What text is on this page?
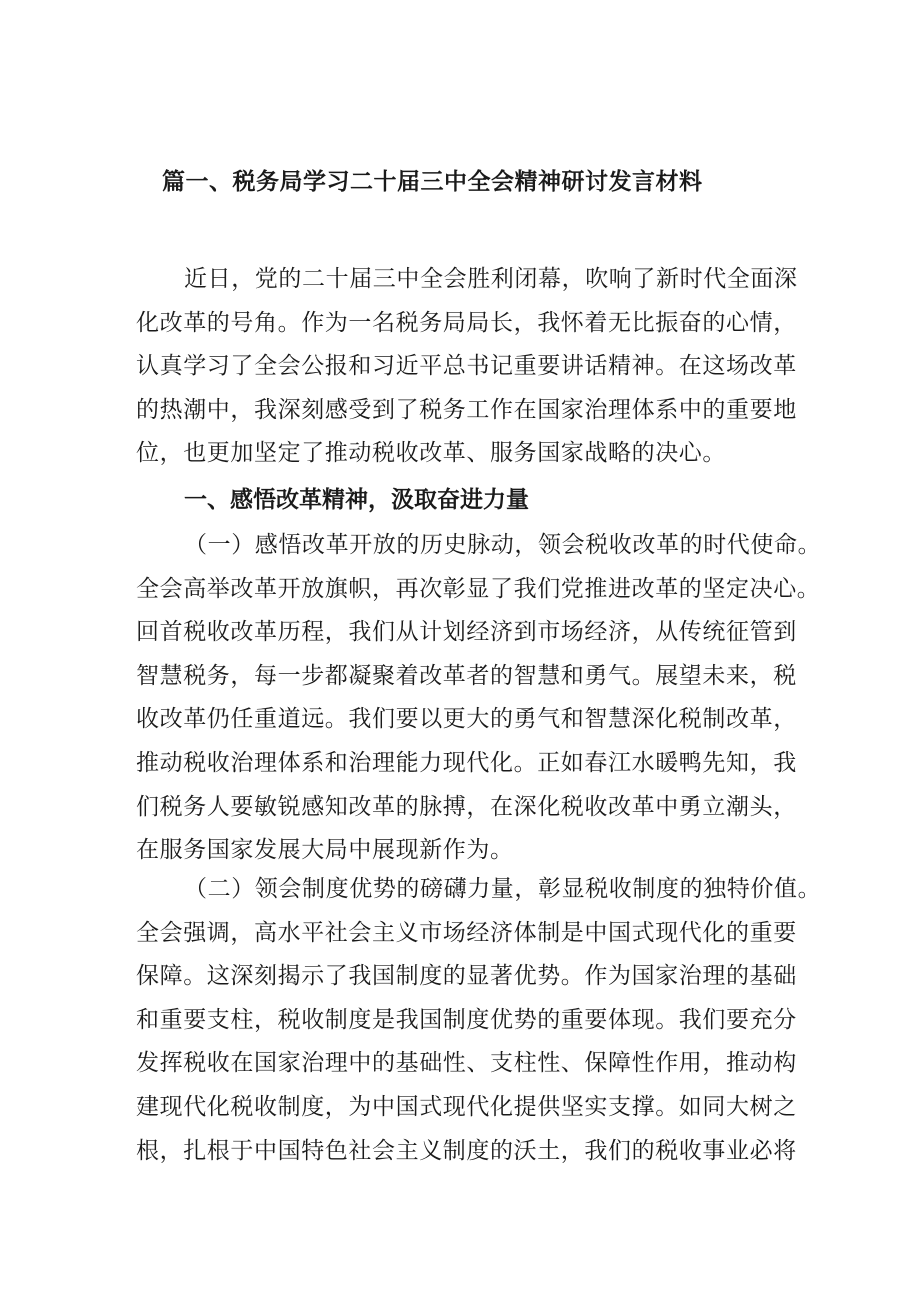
篇一、税务局学习二十届三中全会精神研讨发言材料
近日，党的二十届三中全会胜利闭幕，吹响了新时代全面深
化改革的号角。作为一名税务局局长，我怀着无比振奋的心情，
认真学习了全会公报和习近平总书记重要讲话精神。在这场改革
的热潮中，我深刻感受到了税务工作在国家治理体系中的重要地
位，也更加坚定了推动税收改革、服务国家战略的决心。
一、感悟改革精神，汲取奋进力量
（一）感悟改革开放的历史脉动，领会税收改革的时代使命。
全会高举改革开放旗帜，再次彰显了我们党推进改革的坚定决心。
回首税收改革历程，我们从计划经济到市场经济，从传统征管到
智慧税务，每一步都凝聚着改革者的智慧和勇气。展望未来，税
收改革仍任重道远。我们要以更大的勇气和智慧深化税制改革，
推动税收治理体系和治理能力现代化。正如春江水暖鸭先知，我
们税务人要敏锐感知改革的脉搏，在深化税收改革中勇立潮头，
在服务国家发展大局中展现新作为。
（二）领会制度优势的磅礴力量，彰显税收制度的独特价值。
全会强调，高水平社会主义市场经济体制是中国式现代化的重要
保障。这深刻揭示了我国制度的显著优势。作为国家治理的基础
和重要支柱，税收制度是我国制度优势的重要体现。我们要充分
发挥税收在国家治理中的基础性、支柱性、保障性作用，推动构
建现代化税收制度，为中国式现代化提供坚实支撑。如同大树之
根，扎根于中国特色社会主义制度的沃土，我们的税收事业必将
